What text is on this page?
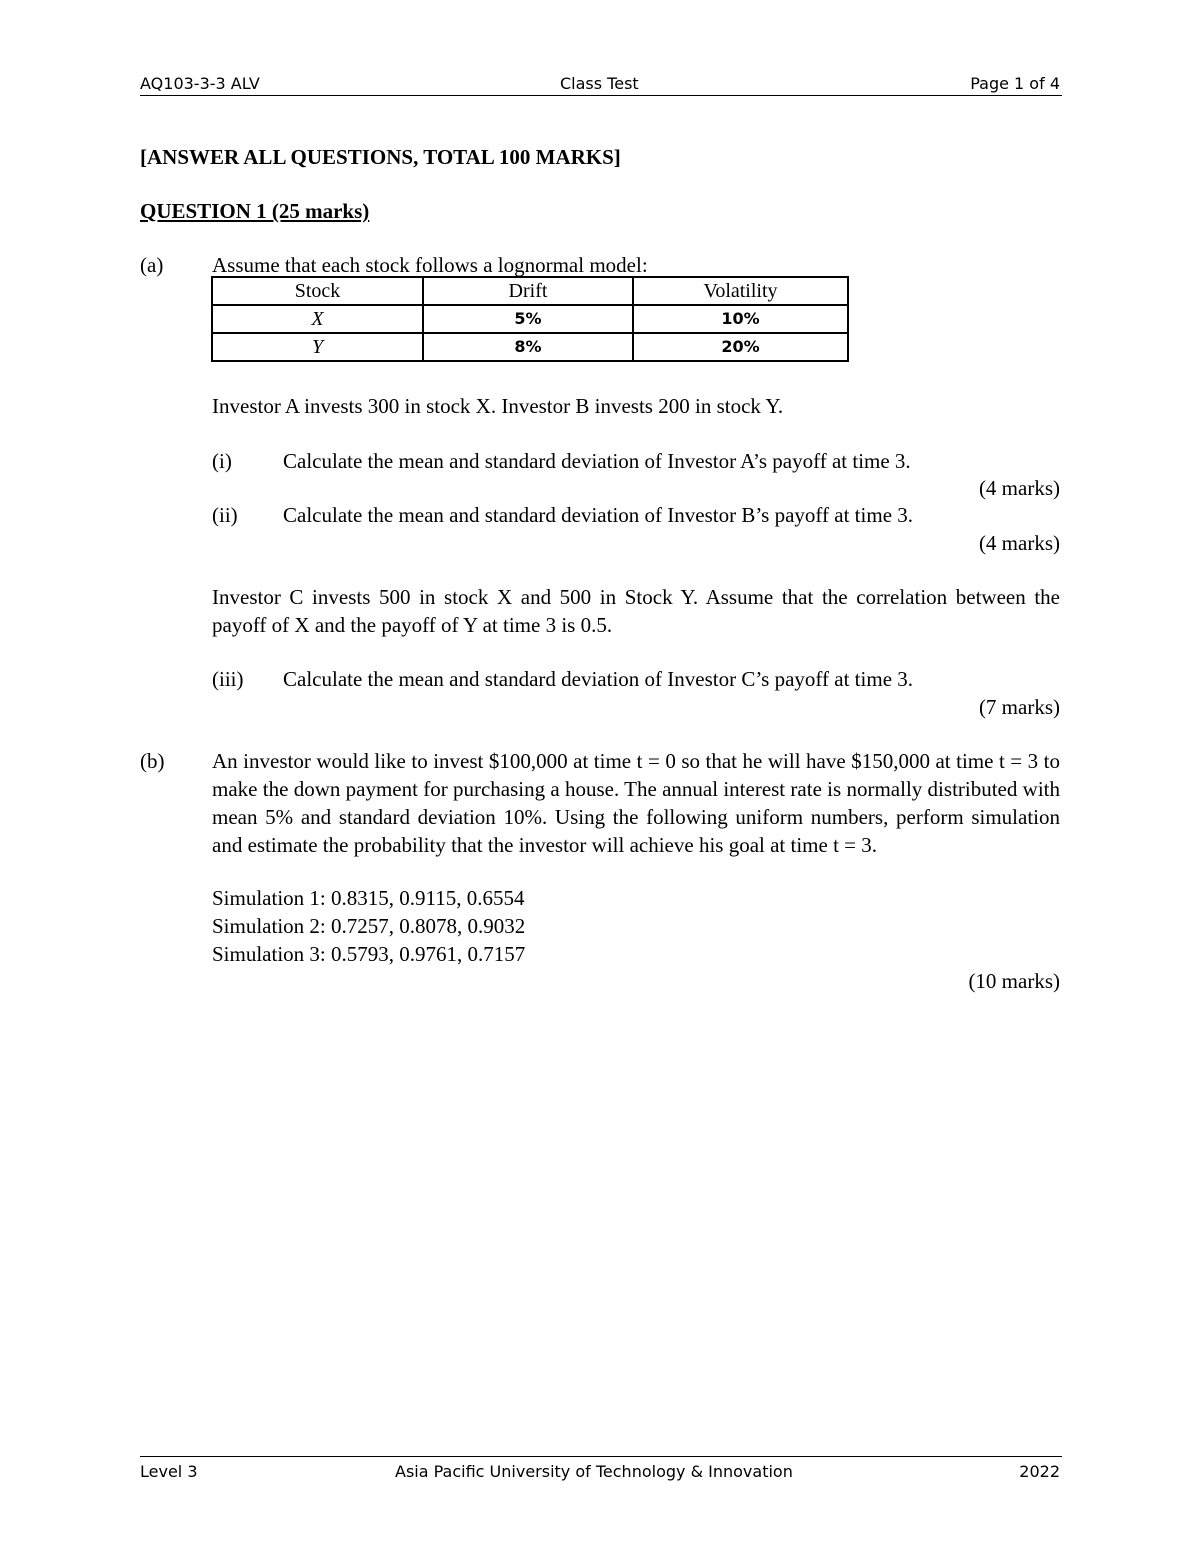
AQ103-3-3 ALV	Class Test	Page 1 of 4
[ANSWER ALL QUESTIONS, TOTAL 100 MARKS]
QUESTION 1 (25 marks)
(a) Assume that each stock follows a lognormal model:
Stock	Drift	Volatility
X	5%	10%
Y	8%	20%
Investor A invests 300 in stock X. Investor B invests 200 in stock Y.
(i) Calculate the mean and standard deviation of Investor A’s payoff at time 3.
(4 marks)
(ii) Calculate the mean and standard deviation of Investor B’s payoff at time 3.
(4 marks)
Investor C invests 500 in stock X and 500 in Stock Y. Assume that the correlation between the payoff of X and the payoff of Y at time 3 is 0.5.
(iii) Calculate the mean and standard deviation of Investor C’s payoff at time 3.
(7 marks)
(b) An investor would like to invest $100,000 at time t = 0 so that he will have $150,000 at time t = 3 to make the down payment for purchasing a house. The annual interest rate is normally distributed with mean 5% and standard deviation 10%. Using the following uniform numbers, perform simulation and estimate the probability that the investor will achieve his goal at time t = 3.
Simulation 1: 0.8315, 0.9115, 0.6554
Simulation 2: 0.7257, 0.8078, 0.9032
Simulation 3: 0.5793, 0.9761, 0.7157
(10 marks)
Level 3	Asia Pacific University of Technology & Innovation	2022
